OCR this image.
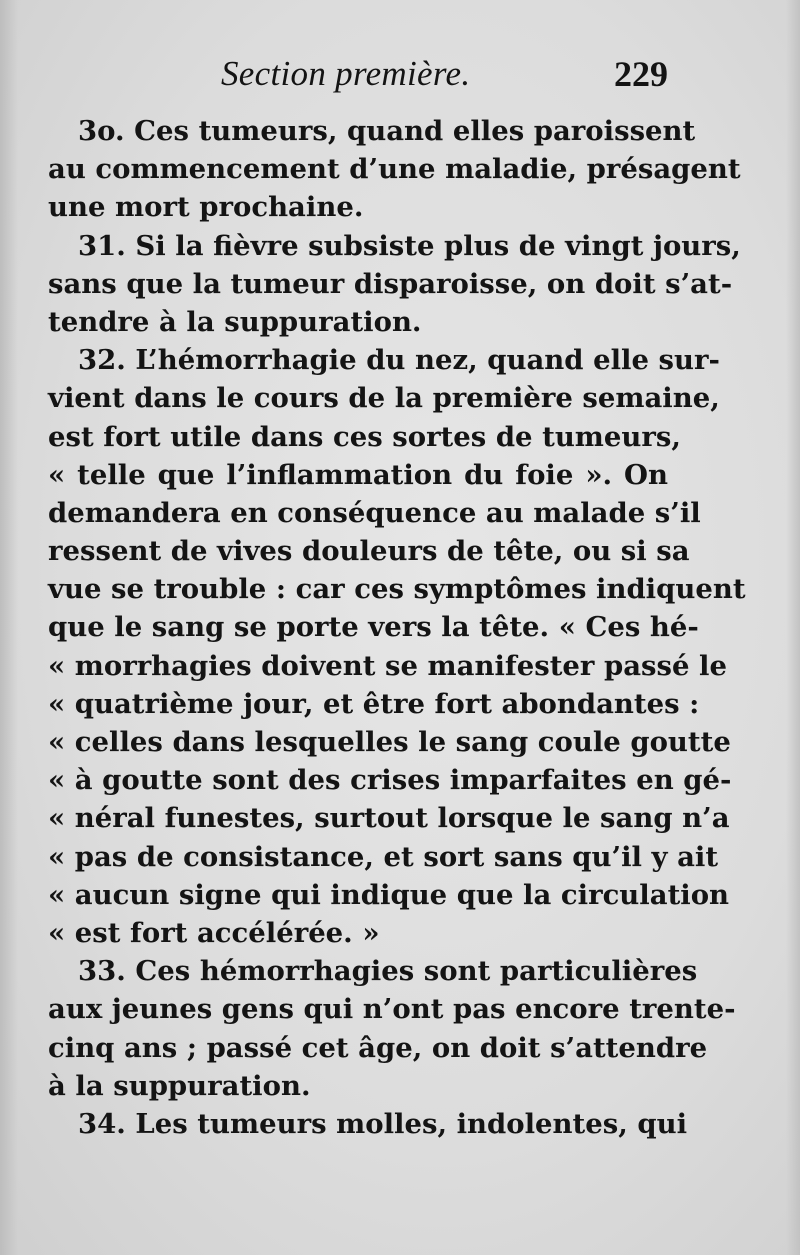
Section première.	229
3o. Ces tumeurs, quand elles paroissent
au commencement d’une maladie, présagent
une mort prochaine.
31. Si la fièvre subsiste plus de vingt jours,
sans que la tumeur disparoisse, on doit s’at-
tendre à la suppuration.
32. L’hémorrhagie du nez, quand elle sur-
vient dans le cours de la première semaine,
est fort utile dans ces sortes de tumeurs,
« telle que l’inflammation du foie ». On
demandera en conséquence au malade s’il
ressent de vives douleurs de tête, ou si sa
vue se trouble : car ces symptômes indiquent
que le sang se porte vers la tête. « Ces hé-
« morrhagies doivent se manifester passé le
« quatrième jour, et être fort abondantes :
« celles dans lesquelles le sang coule goutte
« à goutte sont des crises imparfaites en gé-
« néral funestes, surtout lorsque le sang n’a
« pas de consistance, et sort sans qu’il y ait
« aucun signe qui indique que la circulation
« est fort accélérée. »
33. Ces hémorrhagies sont particulières
aux jeunes gens qui n’ont pas encore trente-
cinq ans ; passé cet âge, on doit s’attendre
à la suppuration.
34. Les tumeurs molles, indolentes, qui
